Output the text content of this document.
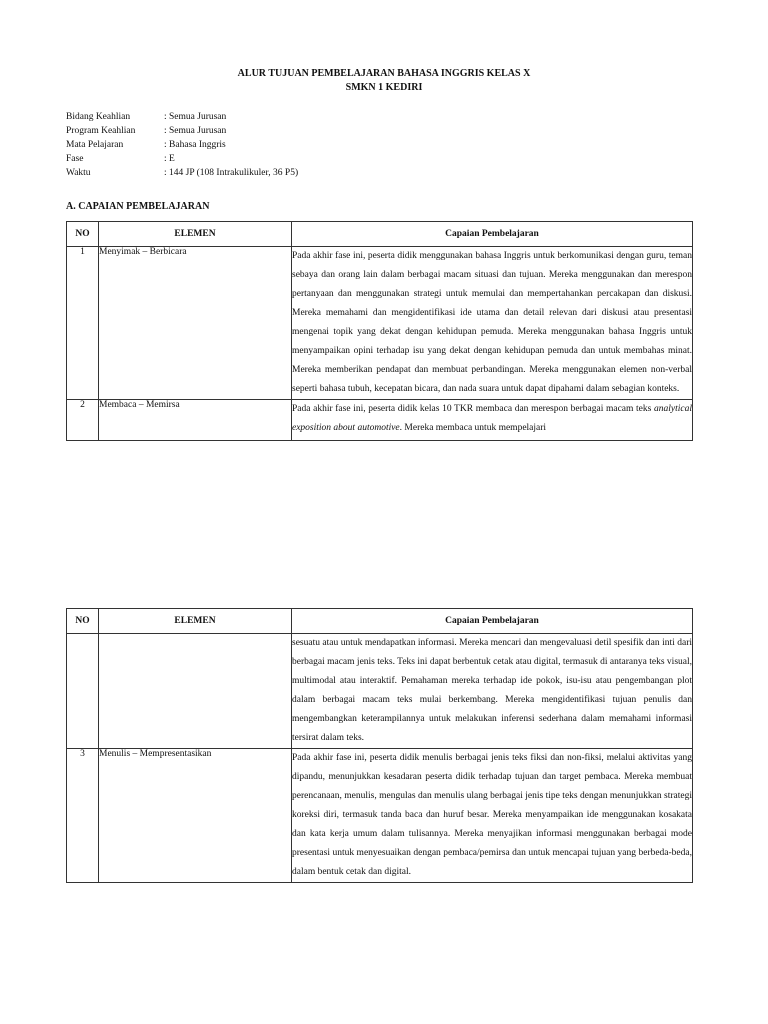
ALUR TUJUAN PEMBELAJARAN BAHASA INGGRIS KELAS X
SMKN 1 KEDIRI
Bidang Keahlian	: Semua Jurusan
Program Keahlian	: Semua Jurusan
Mata Pelajaran	: Bahasa Inggris
Fase	: E
Waktu	: 144 JP (108 Intrakulikuler, 36 P5)
A. CAPAIAN PEMBELAJARAN
NO	ELEMEN	Capaian Pembelajaran
1	Menyimak – Berbicara	Pada akhir fase ini, peserta didik menggunakan bahasa Inggris untuk berkomunikasi dengan guru, teman sebaya dan orang lain dalam berbagai macam situasi dan tujuan. Mereka menggunakan dan merespon pertanyaan dan menggunakan strategi untuk memulai dan mempertahankan percakapan dan diskusi. Mereka memahami dan mengidentifikasi ide utama dan detail relevan dari diskusi atau presentasi mengenai topik yang dekat dengan kehidupan pemuda. Mereka menggunakan bahasa Inggris untuk menyampaikan opini terhadap isu yang dekat dengan kehidupan pemuda dan untuk membahas minat. Mereka memberikan pendapat dan membuat perbandingan. Mereka menggunakan elemen non-verbal seperti bahasa tubuh, kecepatan bicara, dan nada suara untuk dapat dipahami dalam sebagian konteks.
2	Membaca – Memirsa	Pada akhir fase ini, peserta didik kelas 10 TKR membaca dan merespon berbagai macam teks analytical exposition about automotive. Mereka membaca untuk mempelajari
NO	ELEMEN	Capaian Pembelajaran
		sesuatu atau untuk mendapatkan informasi. Mereka mencari dan mengevaluasi detil spesifik dan inti dari berbagai macam jenis teks. Teks ini dapat berbentuk cetak atau digital, termasuk di antaranya teks visual, multimodal atau interaktif. Pemahaman mereka terhadap ide pokok, isu-isu atau pengembangan plot dalam berbagai macam teks mulai berkembang. Mereka mengidentifikasi tujuan penulis dan mengembangkan keterampilannya untuk melakukan inferensi sederhana dalam memahami informasi tersirat dalam teks.
3	Menulis – Mempresentasikan	Pada akhir fase ini, peserta didik menulis berbagai jenis teks fiksi dan non-fiksi, melalui aktivitas yang dipandu, menunjukkan kesadaran peserta didik terhadap tujuan dan target pembaca. Mereka membuat perencanaan, menulis, mengulas dan menulis ulang berbagai jenis tipe teks dengan menunjukkan strategi koreksi diri, termasuk tanda baca dan huruf besar. Mereka menyampaikan ide menggunakan kosakata dan kata kerja umum dalam tulisannya. Mereka menyajikan informasi menggunakan berbagai mode presentasi untuk menyesuaikan dengan pembaca/pemirsa dan untuk mencapai tujuan yang berbeda-beda, dalam bentuk cetak dan digital.
